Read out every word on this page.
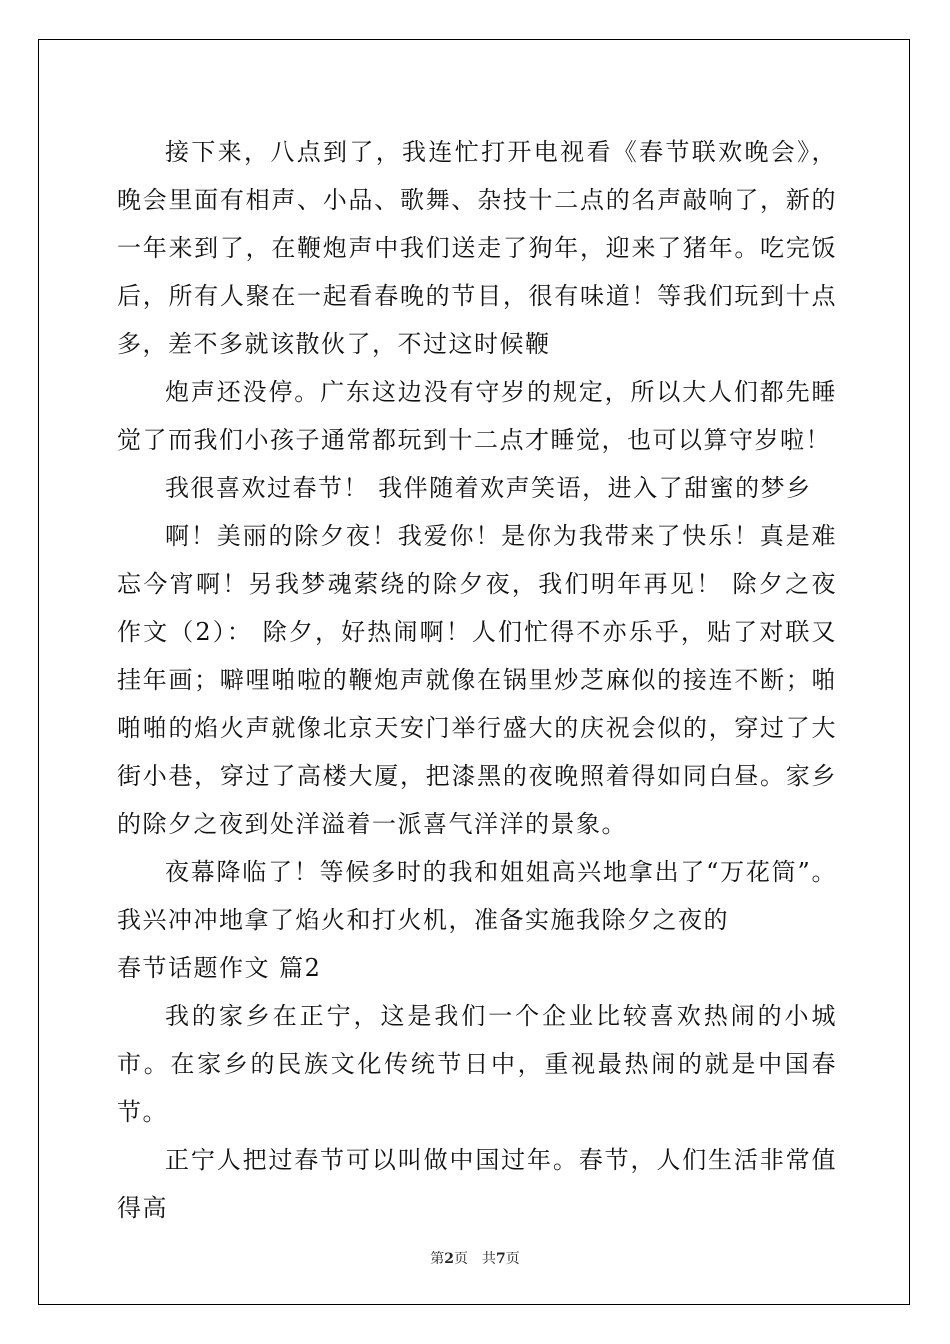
接下来，八点到了，我连忙打开电视看《春节联欢晚会》，晚会里面有相声、小品、歌舞、杂技十二点的名声敲响了，新的一年来到了，在鞭炮声中我们送走了狗年，迎来了猪年。吃完饭后，所有人聚在一起看春晚的节目，很有味道！等我们玩到十点多，差不多就该散伙了，不过这时候鞭

炮声还没停。广东这边没有守岁的规定，所以大人们都先睡觉了而我们小孩子通常都玩到十二点才睡觉，也可以算守岁啦！

我很喜欢过春节！ 我伴随着欢声笑语，进入了甜蜜的梦乡

啊！美丽的除夕夜！我爱你！是你为我带来了快乐！真是难忘今宵啊！另我梦魂萦绕的除夕夜，我们明年再见！ 除夕之夜作文（2）： 除夕，好热闹啊！人们忙得不亦乐乎，贴了对联又挂年画；噼哩啪啦的鞭炮声就像在锅里炒芝麻似的接连不断；啪啪啪的焰火声就像北京天安门举行盛大的庆祝会似的，穿过了大街小巷，穿过了高楼大厦，把漆黑的夜晚照着得如同白昼。家乡的除夕之夜到处洋溢着一派喜气洋洋的景象。

夜幕降临了！等候多时的我和姐姐高兴地拿出了“万花筒”。我兴冲冲地拿了焰火和打火机，准备实施我除夕之夜的

春节话题作文 篇2

我的家乡在正宁，这是我们一个企业比较喜欢热闹的小城市。在家乡的民族文化传统节日中，重视最热闹的就是中国春节。

正宁人把过春节可以叫做中国过年。春节，人们生活非常值得高

第2页 共7页
